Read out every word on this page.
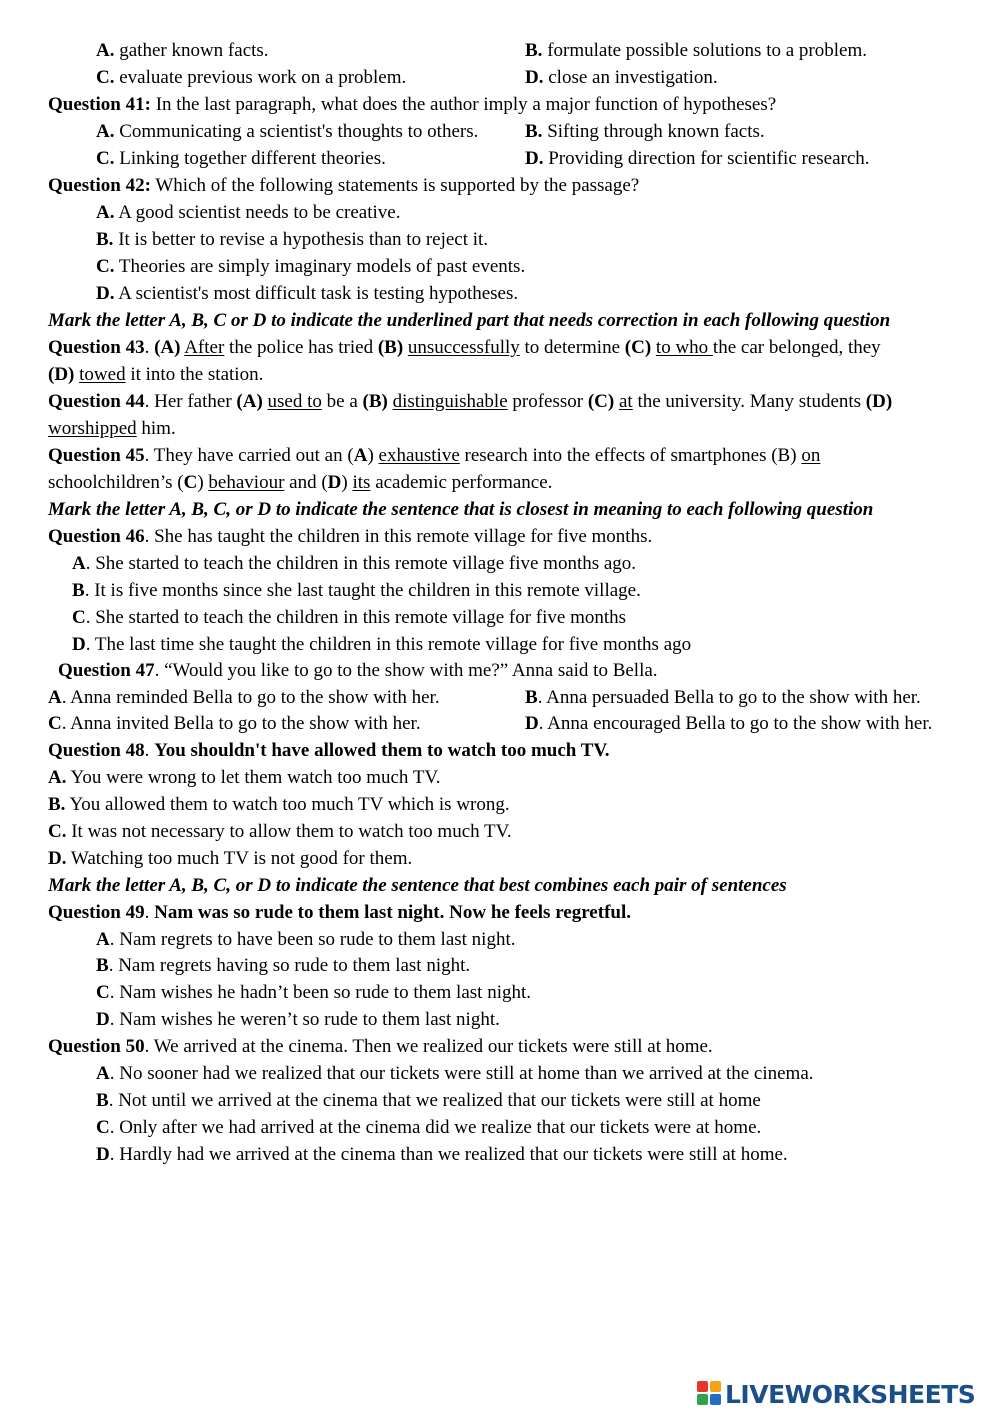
A. gather known facts.	B. formulate possible solutions to a problem.
C. evaluate previous work on a problem.	D. close an investigation.
Question 41: In the last paragraph, what does the author imply a major function of hypotheses?
A. Communicating a scientist's thoughts to others. B. Sifting through known facts.
C. Linking together different theories.	D. Providing direction for scientific research.
Question 42: Which of the following statements is supported by the passage?
A. A good scientist needs to be creative.
B. It is better to revise a hypothesis than to reject it.
C. Theories are simply imaginary models of past events.
D. A scientist's most difficult task is testing hypotheses.
Mark the letter A, B, C or D to indicate the underlined part that needs correction in each following question
Question 43. (A) After the police has tried (B) unsuccessfully to determine (C) to who the car belonged, they
(D) towed it into the station.
Question 44. Her father (A) used to be a (B) distinguishable professor (C) at the university. Many students (D)
worshipped him.
Question 45. They have carried out an (A) exhaustive research into the effects of smartphones (B) on
schoolchildren’s (C) behaviour and (D) its academic performance.
Mark the letter A, B, C, or D to indicate the sentence that is closest in meaning to each following question
Question 46. She has taught the children in this remote village for five months.
A. She started to teach the children in this remote village five months ago.
B. It is five months since she last taught the children in this remote village.
C. She started to teach the children in this remote village for five months
D. The last time she taught the children in this remote village for five months ago
Question 47. “Would you like to go to the show with me?” Anna said to Bella.
A. Anna reminded Bella to go to the show with her.	B. Anna persuaded Bella to go to the show with her.
C. Anna invited Bella to go to the show with her.	D. Anna encouraged Bella to go to the show with her.
Question 48. You shouldn't have allowed them to watch too much TV.
A. You were wrong to let them watch too much TV.
B. You allowed them to watch too much TV which is wrong.
C. It was not necessary to allow them to watch too much TV.
D. Watching too much TV is not good for them.
Mark the letter A, B, C, or D to indicate the sentence that best combines each pair of sentences
Question 49. Nam was so rude to them last night. Now he feels regretful.
A. Nam regrets to have been so rude to them last night.
B. Nam regrets having so rude to them last night.
C. Nam wishes he hadn’t been so rude to them last night.
D. Nam wishes he weren’t so rude to them last night.
Question 50. We arrived at the cinema. Then we realized our tickets were still at home.
A. No sooner had we realized that our tickets were still at home than we arrived at the cinema.
B. Not until we arrived at the cinema that we realized that our tickets were still at home
C. Only after we had arrived at the cinema did we realize that our tickets were at home.
D. Hardly had we arrived at the cinema than we realized that our tickets were still at home.
LIVEWORKSHEETS
